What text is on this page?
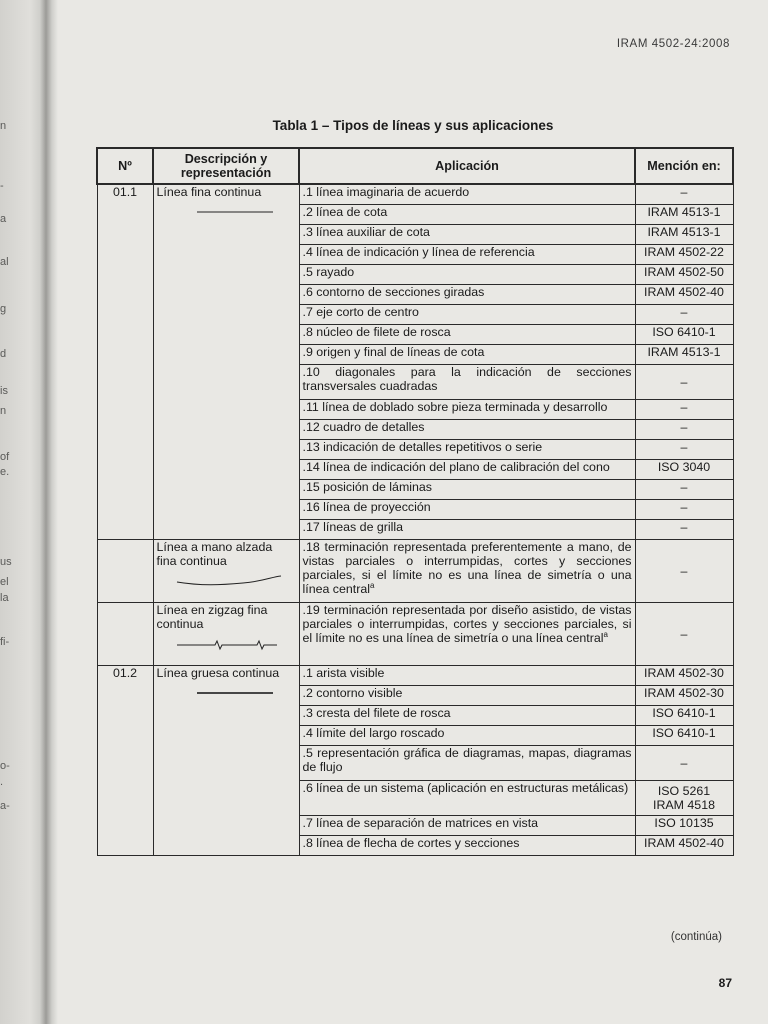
n
-
a
al
g
d
is
n
of
e.
us
el
la
fi-
o-
.
a-
IRAM 4502-24:2008
Tabla 1 – Tipos de líneas y sus aplicaciones
Nº	Descripción y representación	Aplicación	Mención en:
01.1	Línea fina continua	.1 línea imaginaria de acuerdo	–

		.2 línea de cota	IRAM 4513-1

		.3 línea auxiliar de cota	IRAM 4513-1

		.4 línea de indicación y línea de referencia	IRAM 4502-22

		.5 rayado	IRAM 4502-50

		.6 contorno de secciones giradas	IRAM 4502-40

		.7 eje corto de centro	–

		.8 núcleo de filete de rosca	ISO 6410-1

		.9 origen y final de líneas de cota	IRAM 4513-1

		.10 diagonales para la indicación de secciones transversales cuadradas	–

		.11 línea de doblado sobre pieza terminada y desarrollo	–

		.12 cuadro de detalles	–

		.13 indicación de detalles repetitivos o serie	–

		.14 línea de indicación del plano de calibración del cono	ISO 3040

		.15 posición de láminas	–

		.16 línea de proyección	–

		.17 líneas de grilla	–

	Línea a mano alzada fina continua	.18 terminación representada preferentemente a mano, de vistas parciales o interrumpidas, cortes y secciones parciales, si el límite no es una línea de simetría o una línea central$^a$	–

	Línea en zigzag fina continua	.19 terminación representada por diseño asistido, de vistas parciales o interrumpidas, cortes y secciones parciales, si el límite no es una línea de simetría o una línea central$^a$	–

01.2	Línea gruesa continua	.1 arista visible	IRAM 4502-30

		.2 contorno visible	IRAM 4502-30

		.3 cresta del filete de rosca	ISO 6410-1

		.4 límite del largo roscado	ISO 6410-1

		.5 representación gráfica de diagramas, mapas, diagramas de flujo	–

		.6 línea de un sistema (aplicación en estructuras metálicas)	ISO 5261
IRAM 4518

		.7 línea de separación de matrices en vista	ISO 10135

		.8 línea de flecha de cortes y secciones	IRAM 4502-40
(continúa)
87
